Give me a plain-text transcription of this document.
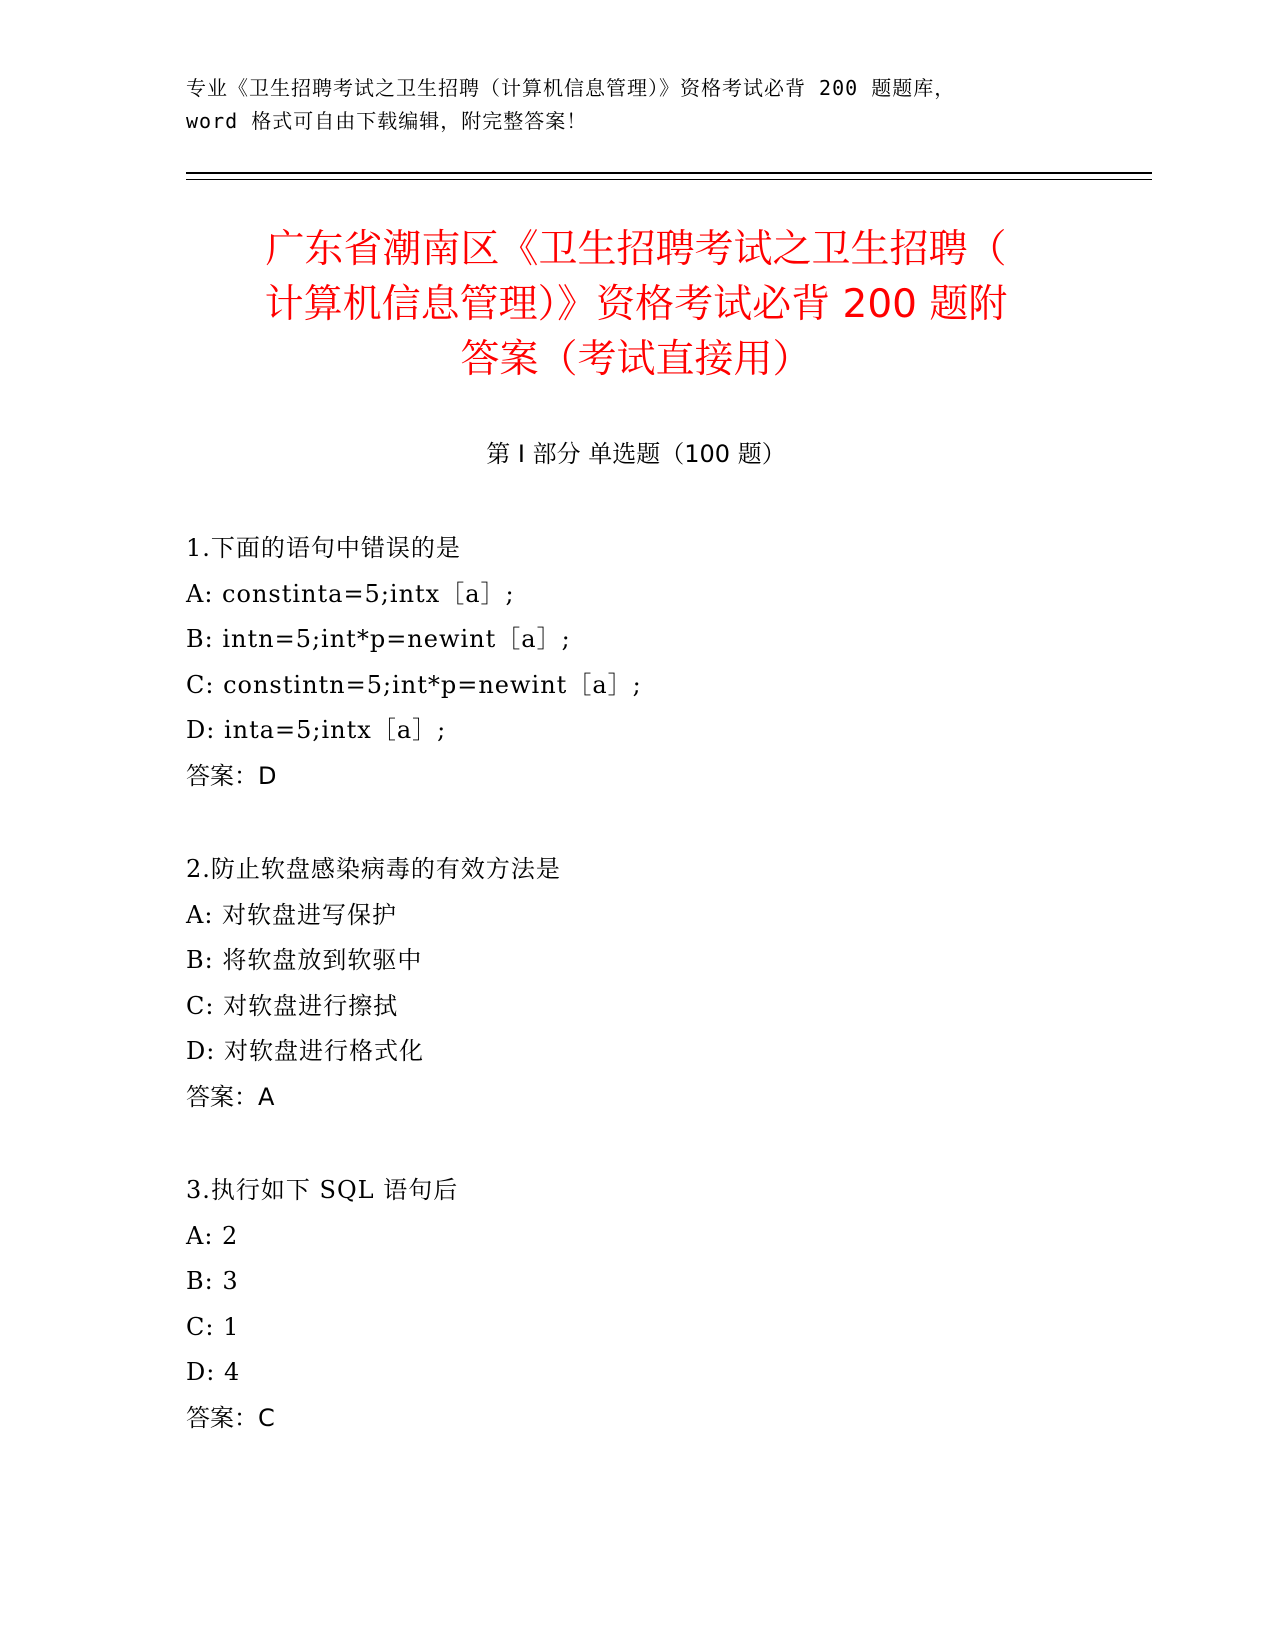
专业《卫生招聘考试之卫生招聘（计算机信息管理）》资格考试必背 200 题题库，
word 格式可自由下载编辑，附完整答案！
广东省潮南区《卫生招聘考试之卫生招聘（
计算机信息管理）》资格考试必背 200 题附
答案（考试直接用）
第 I 部分 单选题（100 题）
1.下面的语句中错误的是
A: constinta=5;intx［a］;
B: intn=5;int*p=newint［a］;
C: constintn=5;int*p=newint［a］;
D: inta=5;intx［a］;
答案：D
2.防止软盘感染病毒的有效方法是
A: 对软盘进写保护
B: 将软盘放到软驱中
C: 对软盘进行擦拭
D: 对软盘进行格式化
答案：A
3.执行如下 SQL 语句后
A: 2
B: 3
C: 1
D: 4
答案：C
